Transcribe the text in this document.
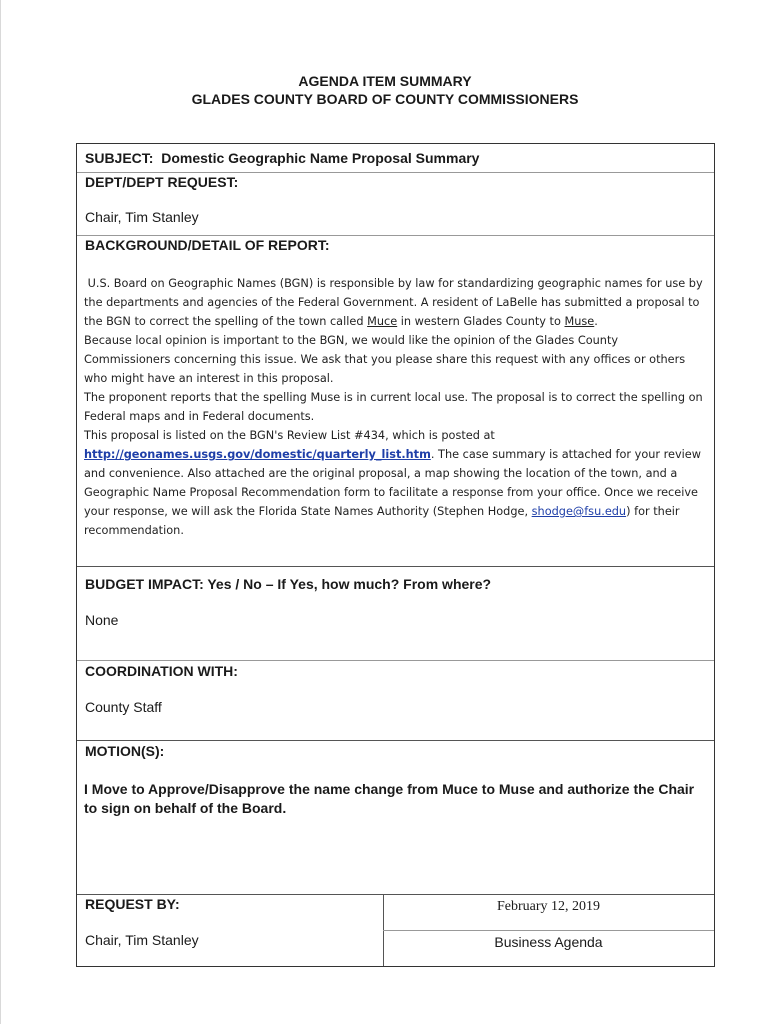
AGENDA ITEM SUMMARY
GLADES COUNTY BOARD OF COUNTY COMMISSIONERS
SUBJECT: Domestic Geographic Name Proposal Summary
DEPT/DEPT REQUEST:
Chair, Tim Stanley
BACKGROUND/DETAIL OF REPORT:

U.S. Board on Geographic Names (BGN) is responsible by law for standardizing geographic names for use by the departments and agencies of the Federal Government. A resident of LaBelle has submitted a proposal to the BGN to correct the spelling of the town called Muce in western Glades County to Muse.

Because local opinion is important to the BGN, we would like the opinion of the Glades County Commissioners concerning this issue. We ask that you please share this request with any offices or others who might have an interest in this proposal.

The proponent reports that the spelling Muse is in current local use. The proposal is to correct the spelling on Federal maps and in Federal documents.

This proposal is listed on the BGN's Review List #434, which is posted at http://geonames.usgs.gov/domestic/quarterly_list.htm. The case summary is attached for your review and convenience. Also attached are the original proposal, a map showing the location of the town, and a Geographic Name Proposal Recommendation form to facilitate a response from your office. Once we receive your response, we will ask the Florida State Names Authority (Stephen Hodge, shodge@fsu.edu) for their recommendation.

BUDGET IMPACT: Yes / No – If Yes, how much? From where?
None
COORDINATION WITH:
County Staff
MOTION(S):
I Move to Approve/Disapprove the name change from Muce to Muse and authorize the Chair to sign on behalf of the Board.
REQUEST BY:
Chair, Tim Stanley
February 12, 2019
Business Agenda
